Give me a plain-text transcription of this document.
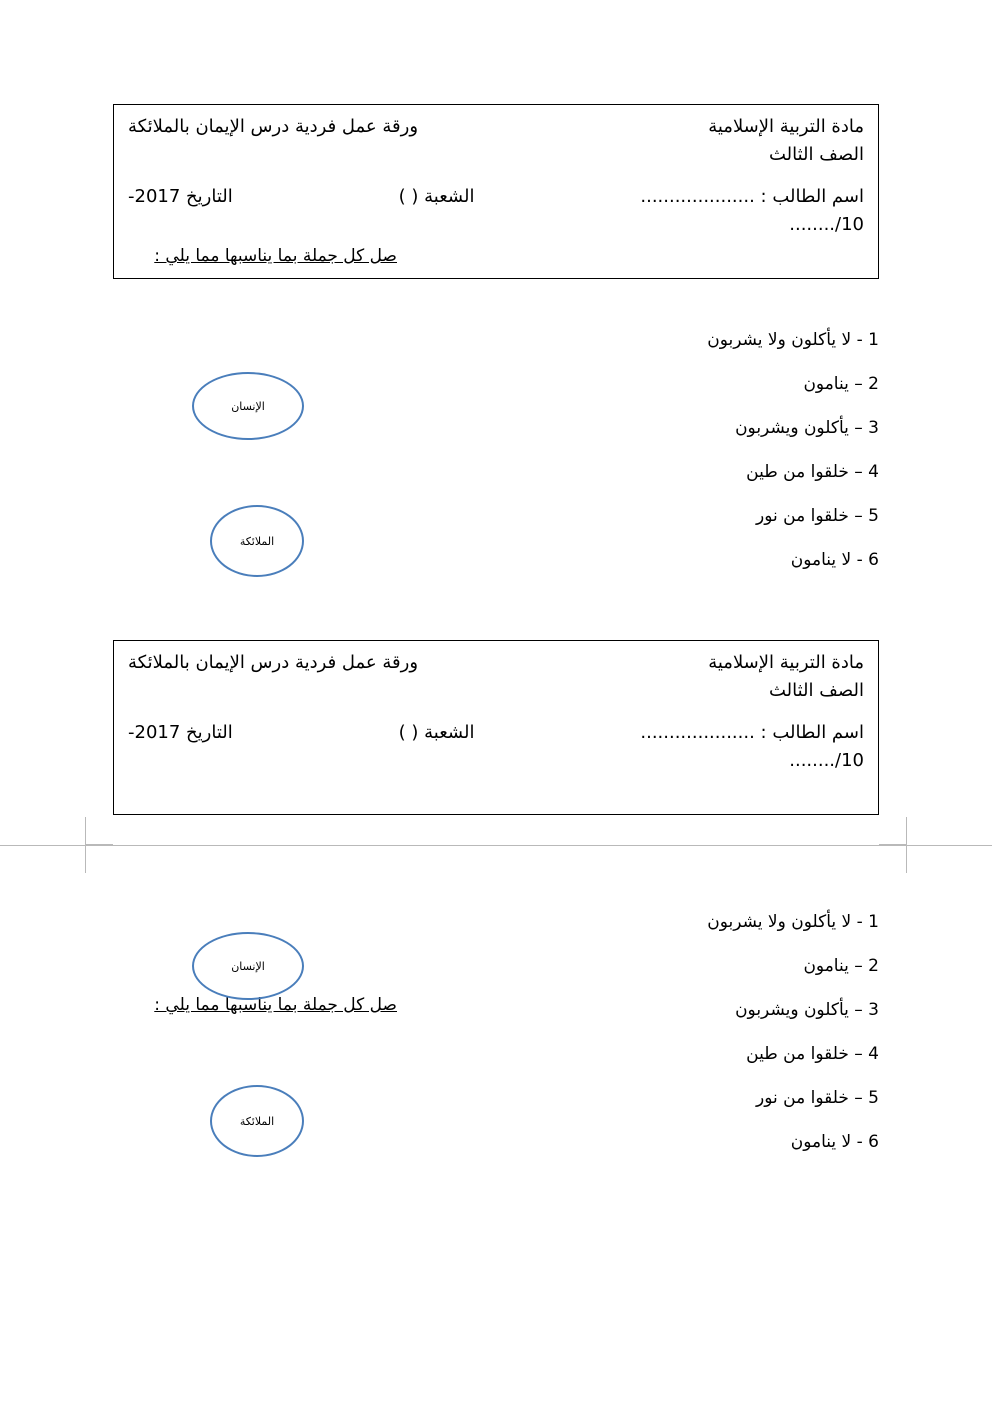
مادة التربية الإسلامية
ورقة عمل فردية درس الإيمان بالملائكة
الصف الثالث
اسم الطالب : ....................
الشعبة ( )
التاريخ 2017-
10/........
صل كل جملة بما يناسبها مما يلي :
1 - لا يأكلون ولا يشربون
2 – ينامون
3 – يأكلون ويشربون
4 – خلقوا من طين
5 – خلقوا من نور
6 - لا ينامون
الإنسان
الملائكة
مادة التربية الإسلامية
ورقة عمل فردية درس الإيمان بالملائكة
الصف الثالث
اسم الطالب : ....................
الشعبة ( )
التاريخ 2017-
10/........
1 - لا يأكلون ولا يشربون
2 – ينامون
3 – يأكلون ويشربون
4 – خلقوا من طين
5 – خلقوا من نور
6 - لا ينامون
صل كل جملة بما يناسبها مما يلي :
الإنسان
الملائكة
